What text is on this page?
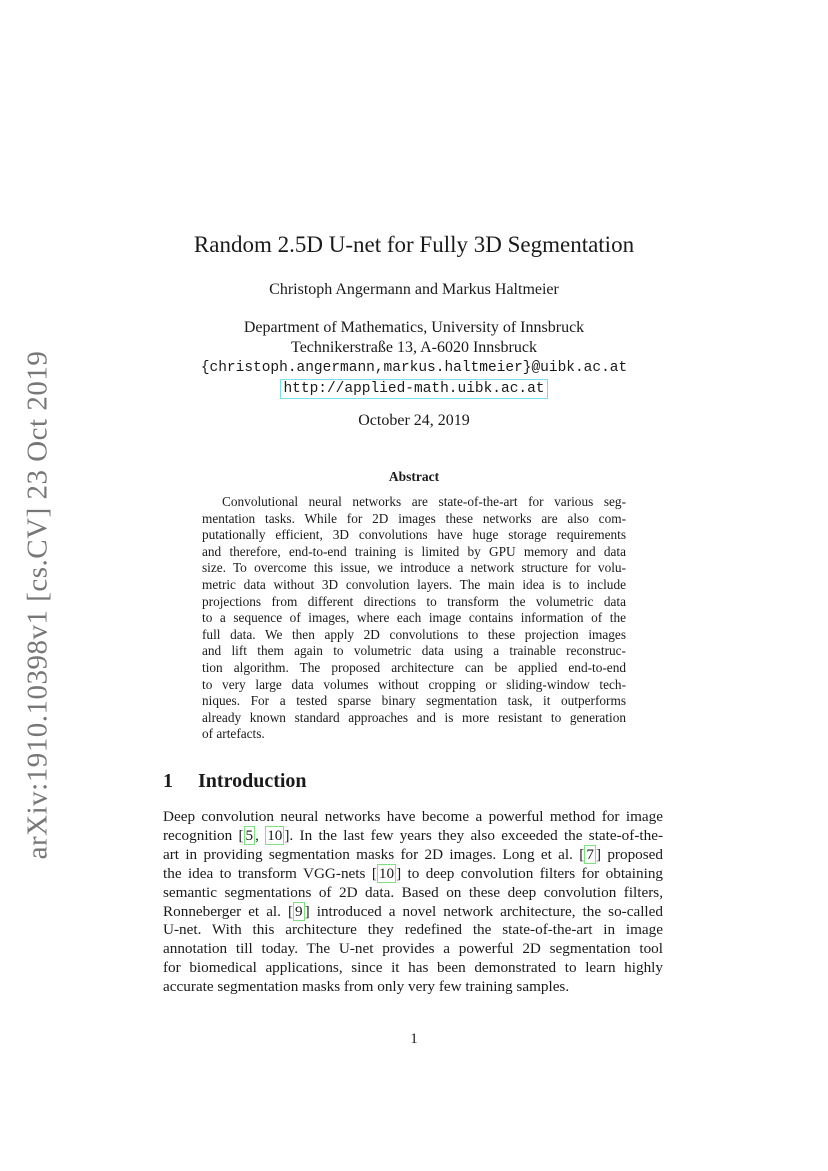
arXiv:1910.10398v1 [cs.CV] 23 Oct 2019
Random 2.5D U-net for Fully 3D Segmentation
Christoph Angermann and Markus Haltmeier
Department of Mathematics, University of Innsbruck
Technikerstraße 13, A-6020 Innsbruck
{christoph.angermann,markus.haltmeier}@uibk.ac.at
http://applied-math.uibk.ac.at
October 24, 2019
Abstract
Convolutional neural networks are state-of-the-art for various seg-
mentation tasks. While for 2D images these networks are also com-
putationally efficient, 3D convolutions have huge storage requirements
and therefore, end-to-end training is limited by GPU memory and data
size. To overcome this issue, we introduce a network structure for volu-
metric data without 3D convolution layers. The main idea is to include
projections from different directions to transform the volumetric data
to a sequence of images, where each image contains information of the
full data. We then apply 2D convolutions to these projection images
and lift them again to volumetric data using a trainable reconstruc-
tion algorithm. The proposed architecture can be applied end-to-end
to very large data volumes without cropping or sliding-window tech-
niques. For a tested sparse binary segmentation task, it outperforms
already known standard approaches and is more resistant to generation
of artefacts.
1 Introduction
Deep convolution neural networks have become a powerful method for image
recognition [ 5 , 10 ]. In the last few years they also exceeded the state-of-the-
art in providing segmentation masks for 2D images. Long et al. [ 7 ] proposed
the idea to transform VGG-nets [ 10 ] to deep convolution filters for obtaining
semantic segmentations of 2D data. Based on these deep convolution filters,
Ronneberger et al. [ 9 ] introduced a novel network architecture, the so-called
U-net. With this architecture they redefined the state-of-the-art in image
annotation till today. The U-net provides a powerful 2D segmentation tool
for biomedical applications, since it has been demonstrated to learn highly
accurate segmentation masks from only very few training samples.
1
